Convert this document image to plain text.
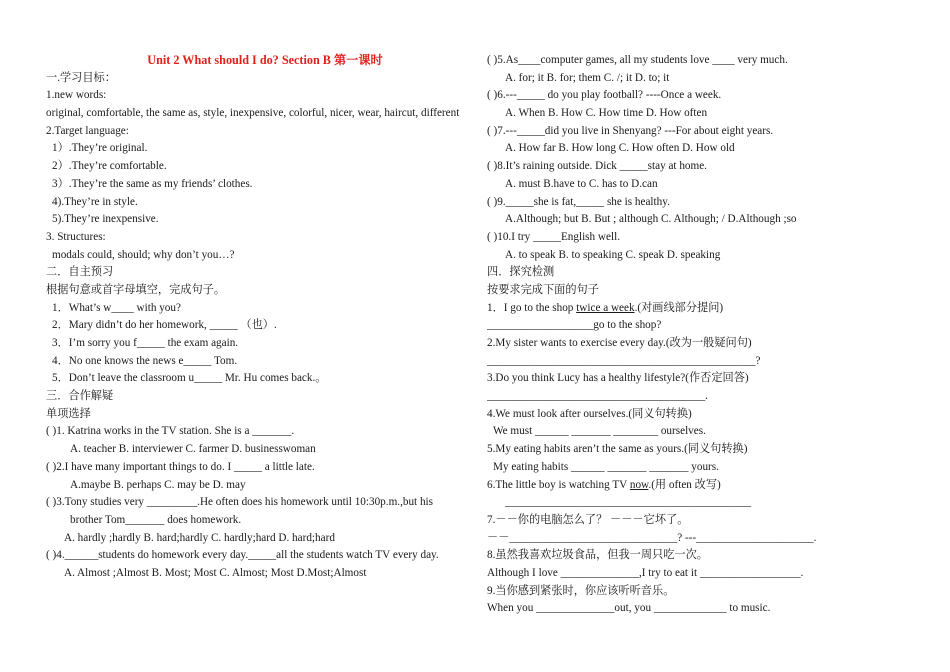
Unit 2 What should I do? Section B 第一课时
一.学习目标：
1.new words:
original, comfortable, the same as, style, inexpensive, colorful, nicer, wear, haircut, different
2.Target language:
1）.They’re original.
2）.They’re comfortable.
3）.They’re the same as my friends’ clothes.
4).They’re in style.
5).They’re inexpensive.
3. Structures:
modals could, should; why don’t you…?
二．自主预习
根据句意或首字母填空，完成句子。
1．What’s w____ with you?
2．Mary didn’t do her homework, _____ （也）.
3．I’m sorry you f_____ the exam again.
4．No one knows the news e_____ Tom.
5．Don’t leave the classroom u_____ Mr. Hu comes back.。
三．合作解疑
单项选择
( )1. Katrina works in the TV station. She is a _______.
A. teacher B. interviewer C. farmer D. businesswoman
( )2.I have many important things to do. I _____ a little late.
A.maybe B. perhaps C. may be D. may
( )3.Tony studies very _________.He often does his homework until 10:30p.m.,but his
brother Tom_______ does homework.
A. hardly ;hardly B. hard;hardly C. hardly;hard D. hard;hard
( )4.______students do homework every day._____all the students watch TV every day.
A. Almost ;Almost B. Most; Most C. Almost; Most D.Most;Almost
( )5.As____computer games, all my students love ____ very much.
A. for; it B. for; them C. /; it D. to; it
( )6.---_____ do you play football? ----Once a week.
A. When B. How C. How time D. How often
( )7.---_____did you live in Shenyang? ---For about eight years.
A. How far B. How long C. How often D. How old
( )8.It’s raining outside. Dick _____stay at home.
A. must B.have to C. has to D.can
( )9._____she is fat,_____ she is healthy.
A.Although; but B. But ; although C. Although; / D.Although ;so
( )10.I try _____English well.
A. to speak B. to speaking C. speak D. speaking
四．探究检测
按要求完成下面的句子
1．I go to the shop twice a week.(对画线部分提问)
___________________go to the shop?
2.My sister wants to exercise every day.(改为一般疑问句)
________________________________________________?
3.Do you think Lucy has a healthy lifestyle?(作否定回答)
_______________________________________.
4.We must look after ourselves.(同义句转换)
We must ______ _______ ________ ourselves.
5.My eating habits aren’t the same as yours.(同义句转换)
My eating habits ______ _______ _______ yours.
6.The little boy is watching TV now.(用 often 改写)
____________________________________________
7.－－你的电脑怎么了？ －－－它坏了。
－－______________________________? ---_____________________.
8.虽然我喜欢垃圾食品，但我一周只吃一次。
Although I love ______________,I try to eat it __________________.
9.当你感到紧张时，你应该听听音乐。
When you ______________out, you _____________ to music.
